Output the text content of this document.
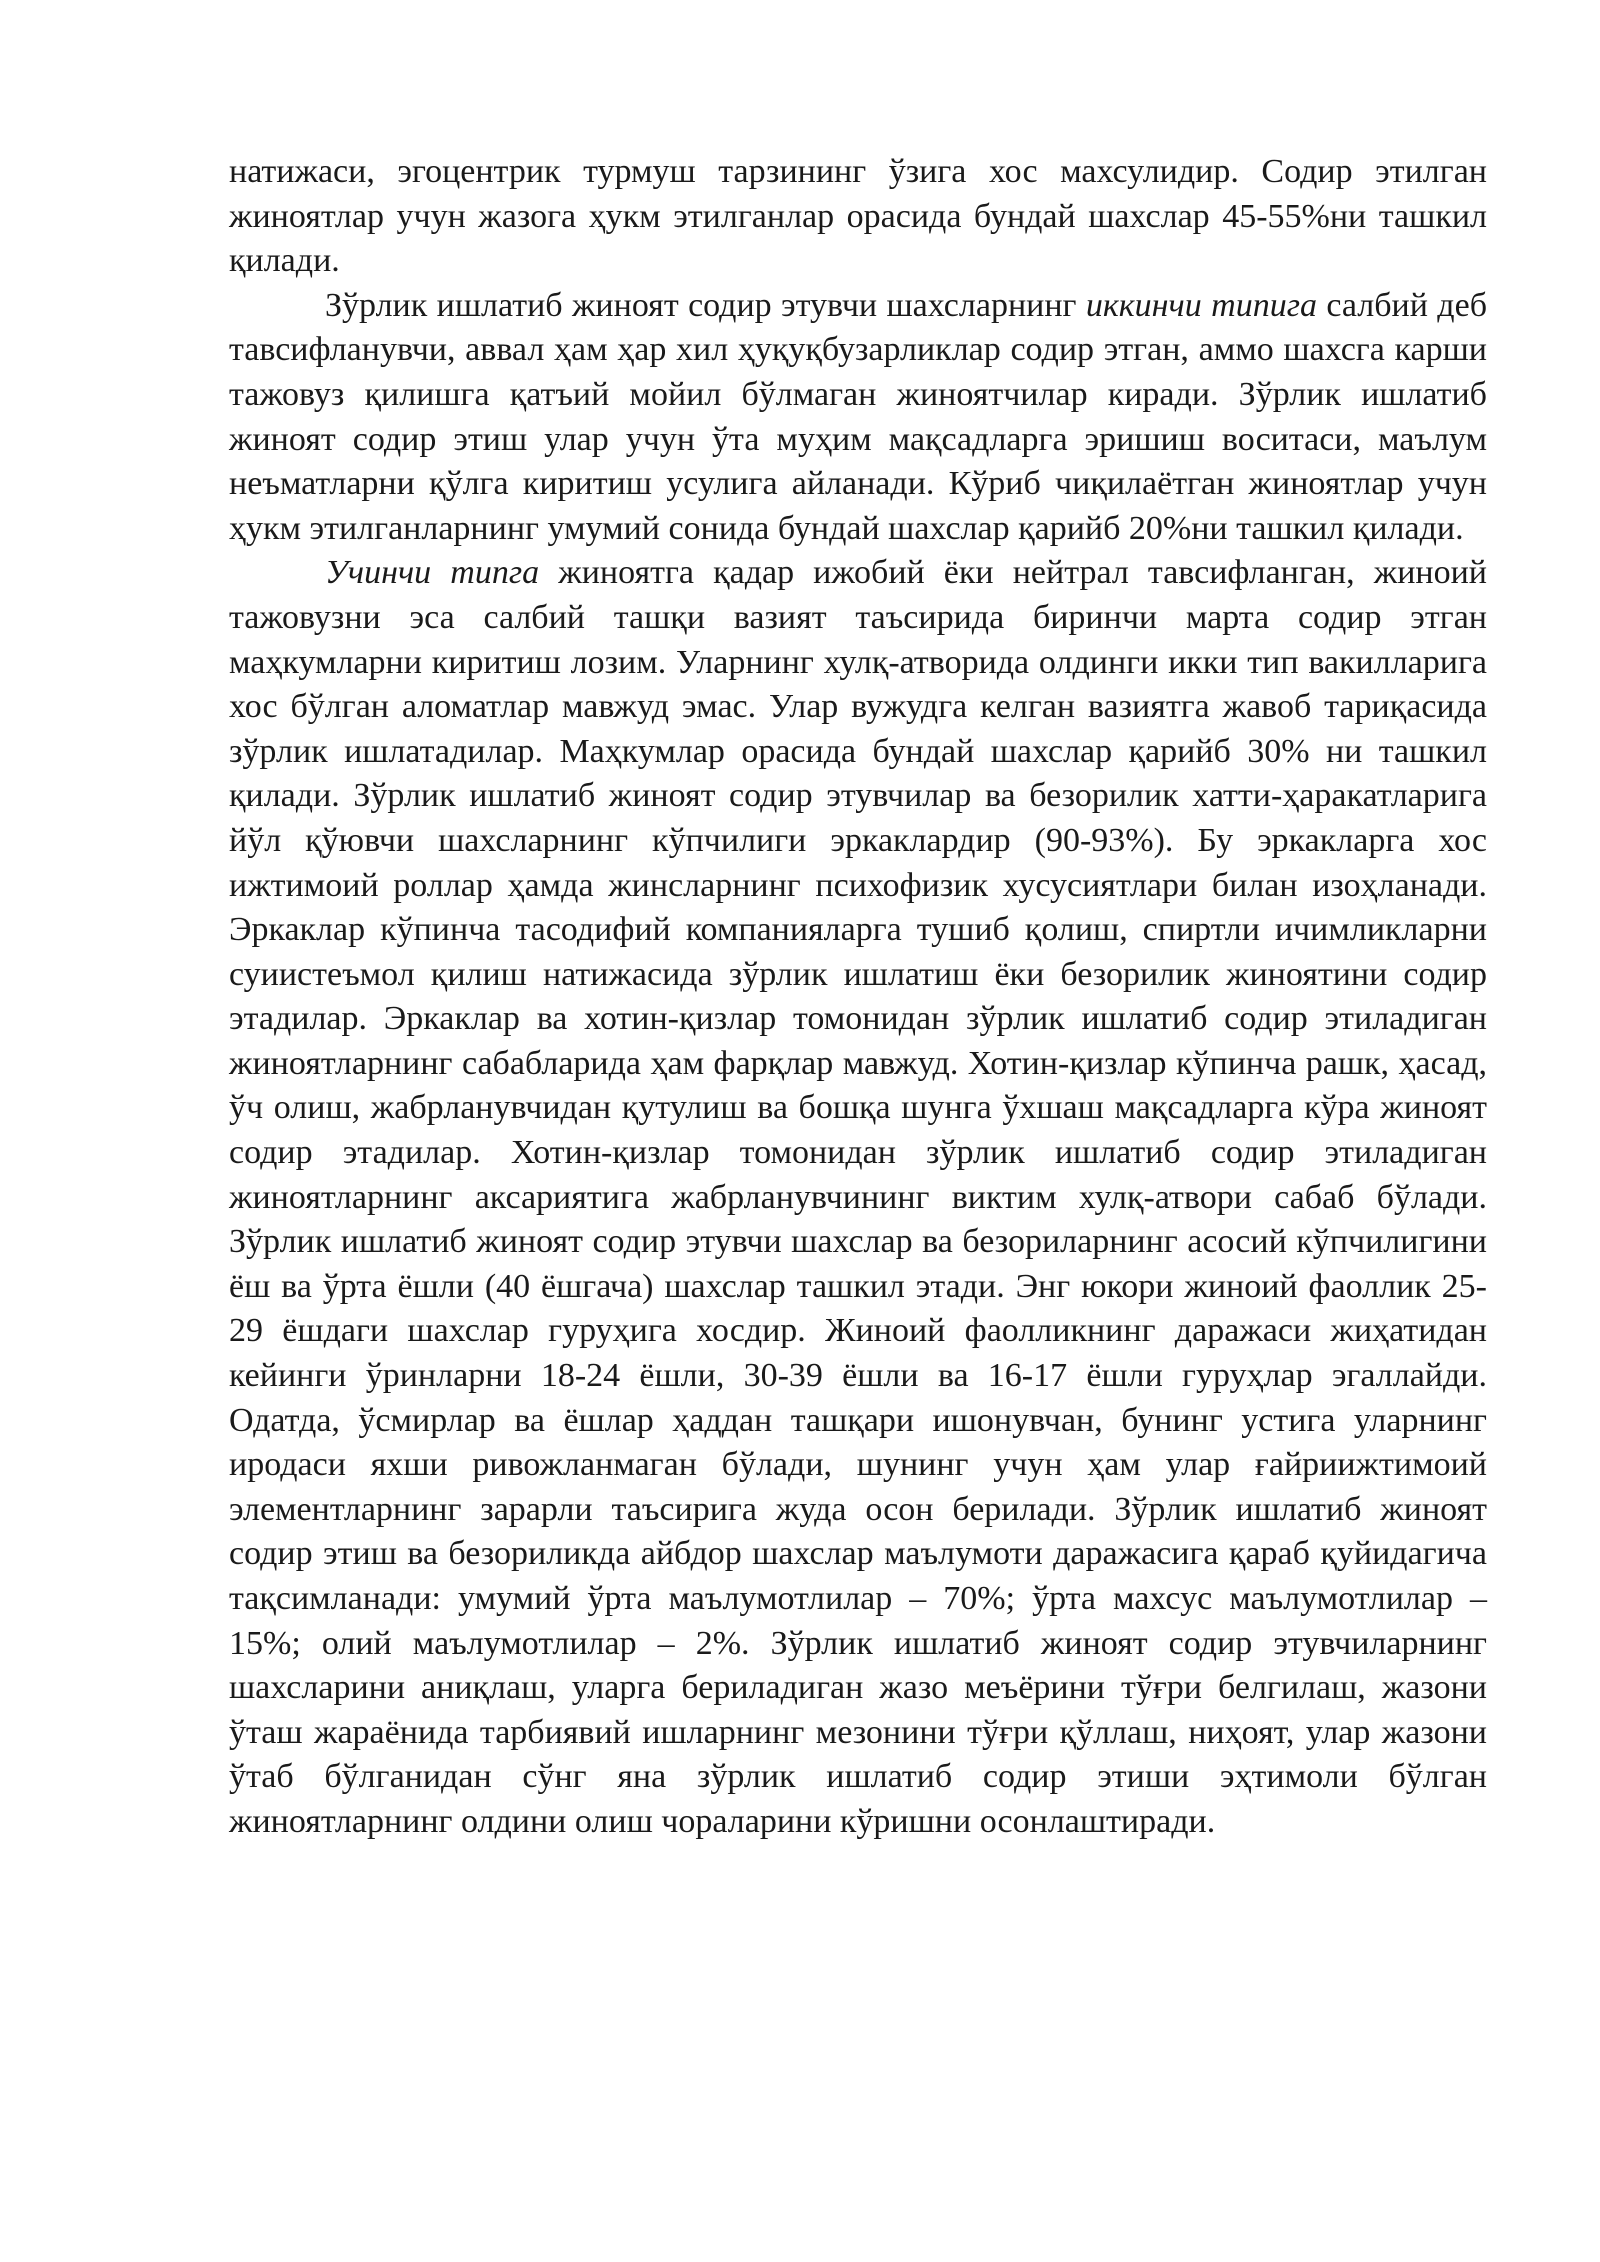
натижаси, эгоцентрик турмуш тарзининг ўзига хос махсулидир. Содир этилган жиноятлар учун жазога ҳукм этилганлар орасида бундай шахслар 45-55%ни ташкил қилади.

Зўрлик ишлатиб жиноят содир этувчи шахсларнинг иккинчи типига салбий деб тавсифланувчи, аввал ҳам ҳар хил ҳуқуқбузарликлар содир этган, аммо шахсга карши тажовуз қилишга қатъий мойил бўлмаган жиноятчилар киради. Зўрлик ишлатиб жиноят содир этиш улар учун ўта муҳим мақсадларга эришиш воситаси, маълум неъматларни қўлга киритиш усулига айланади. Кўриб чиқилаётган жиноятлар учун ҳукм этилганларнинг умумий сонида бундай шахслар қарийб 20%ни ташкил қилади.

Учинчи типга жиноятга қадар ижобий ёки нейтрал тавсифланган, жиноий тажовузни эса салбий ташқи вазият таъсирида биринчи марта содир этган маҳкумларни киритиш лозим. Уларнинг хулқ-атворида олдинги икки тип вакилларига хос бўлган аломатлар мавжуд эмас. Улар вужудга келган вазиятга жавоб тариқасида зўрлик ишлатадилар. Маҳкумлар орасида бундай шахслар қарийб 30% ни ташкил қилади. Зўрлик ишлатиб жиноят содир этувчилар ва безорилик хатти-ҳаракатларига йўл қўювчи шахсларнинг кўпчилиги эркаклардир (90-93%). Бу эркакларга хос ижтимоий роллар ҳамда жинсларнинг психофизик хусусиятлари билан изоҳланади. Эркаклар кўпинча тасодифий компанияларга тушиб қолиш, спиртли ичимликларни суиистеъмол қилиш натижасида зўрлик ишлатиш ёки безорилик жиноятини содир этадилар. Эркаклар ва хотин-қизлар томонидан зўрлик ишлатиб содир этиладиган жиноятларнинг сабабларида ҳам фарқлар мавжуд. Хотин-қизлар кўпинча рашк, ҳасад, ўч олиш, жабрланувчидан қутулиш ва бошқа шунга ўхшаш мақсадларга кўра жиноят содир этадилар. Хотин-қизлар томонидан зўрлик ишлатиб содир этиладиган жиноятларнинг аксариятига жабрланувчининг виктим хулқ-атвори сабаб бўлади. Зўрлик ишлатиб жиноят содир этувчи шахслар ва безориларнинг асосий кўпчилигини ёш ва ўрта ёшли (40 ёшгача) шахслар ташкил этади. Энг юкори жиноий фаоллик 25-29 ёшдаги шахслар гуруҳига хосдир. Жиноий фаолликнинг даражаси жиҳатидан кейинги ўринларни 18-24 ёшли, 30-39 ёшли ва 16-17 ёшли гуруҳлар эгаллайди. Одатда, ўсмирлар ва ёшлар ҳаддан ташқари ишонувчан, бунинг устига уларнинг иродаси яхши ривожланмаган бўлади, шунинг учун ҳам улар ғайриижтимоий элементларнинг зарарли таъсирига жуда осон берилади. Зўрлик ишлатиб жиноят содир этиш ва безориликда айбдор шахслар маълумоти даражасига қараб қуйидагича тақсимланади: умумий ўрта маълумотлилар – 70%; ўрта махсус маълумотлилар – 15%; олий маълумотлилар – 2%. Зўрлик ишлатиб жиноят содир этувчиларнинг шахсларини аниқлаш, уларга бериладиган жазо меъёрини тўғри белгилаш, жазони ўташ жараёнида тарбиявий ишларнинг мезонини тўғри қўллаш, ниҳоят, улар жазони ўтаб бўлганидан сўнг яна зўрлик ишлатиб содир этиши эҳтимоли бўлган жиноятларнинг олдини олиш чораларини кўришни осонлаштиради.
